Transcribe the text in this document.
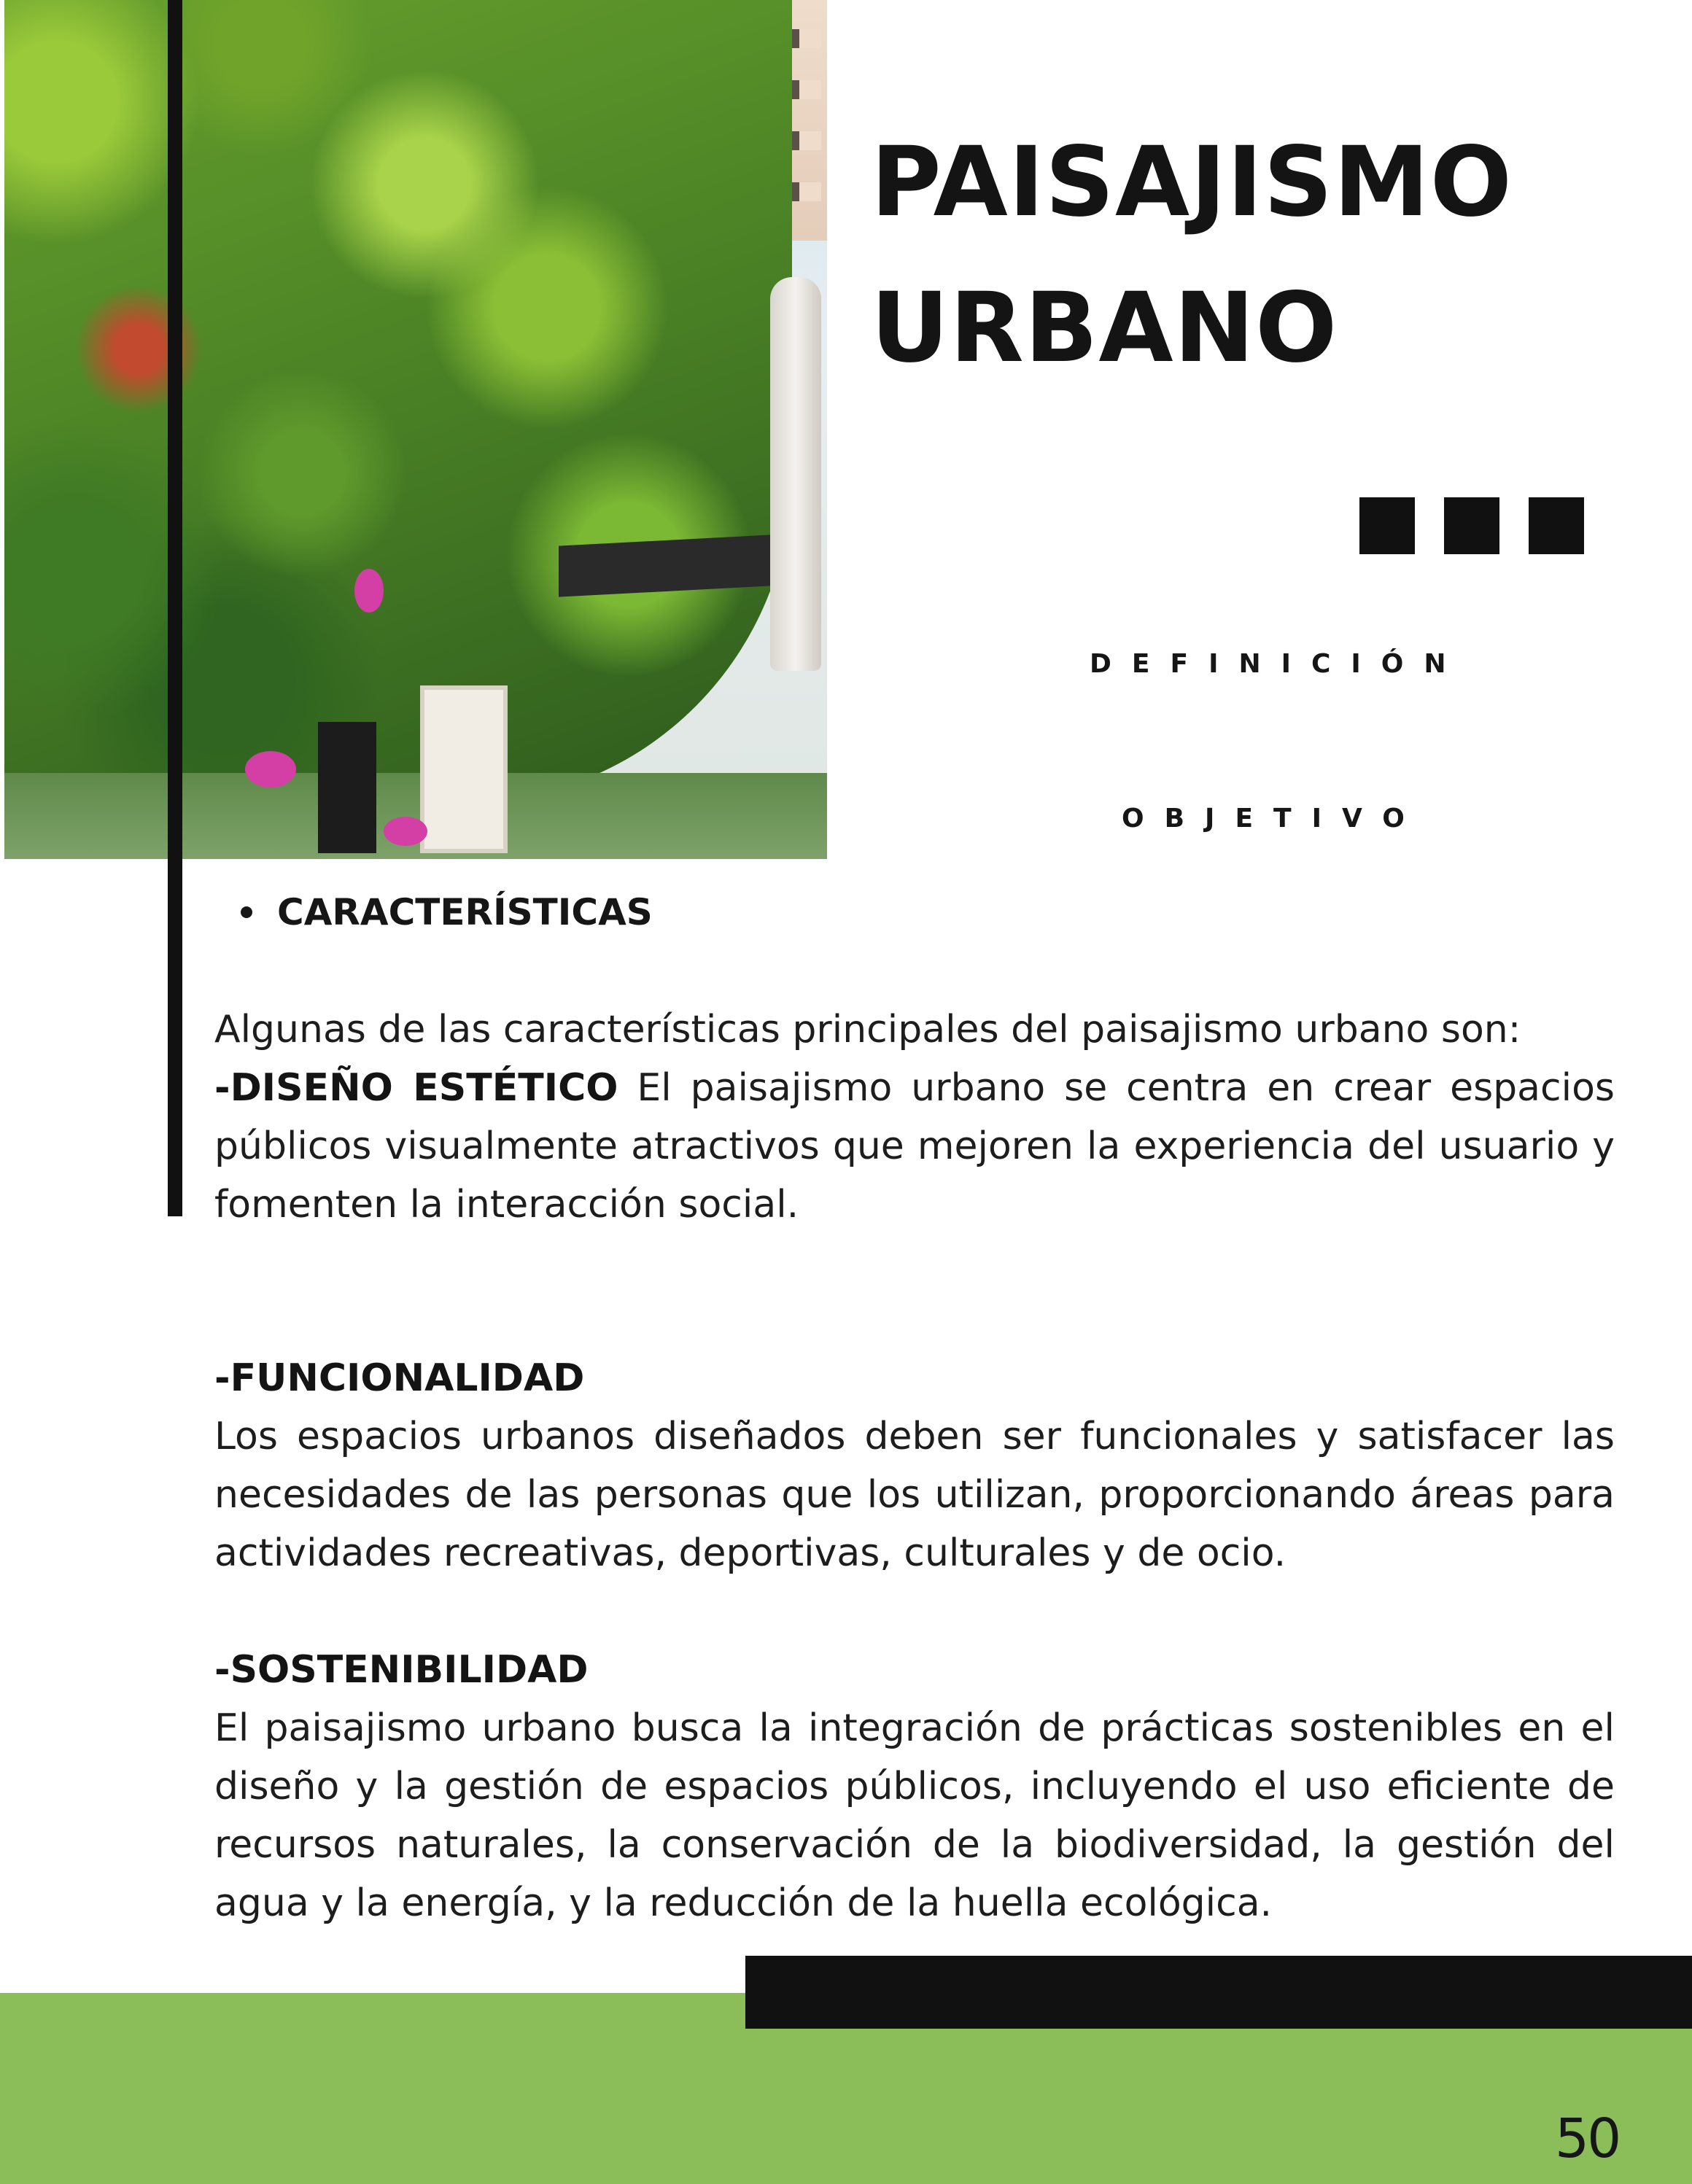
PAISAJISMO
URBANO
DEFINICIÓN
OBJETIVO
CARACTERÍSTICAS
Algunas de las características principales del paisajismo urbano son:
-DISEÑO ESTÉTICO El paisajismo urbano se centra en crear espacios públicos visualmente atractivos que mejoren la experiencia del usuario y fomenten la interacción social.
-FUNCIONALIDAD
Los espacios urbanos diseñados deben ser funcionales y satisfacer las necesidades de las personas que los utilizan, proporcionando áreas para actividades recreativas, deportivas, culturales y de ocio.
-SOSTENIBILIDAD
El paisajismo urbano busca la integración de prácticas sostenibles en el diseño y la gestión de espacios públicos, incluyendo el uso eficiente de recursos naturales, la conservación de la biodiversidad, la gestión del agua y la energía, y la reducción de la huella ecológica.
50
